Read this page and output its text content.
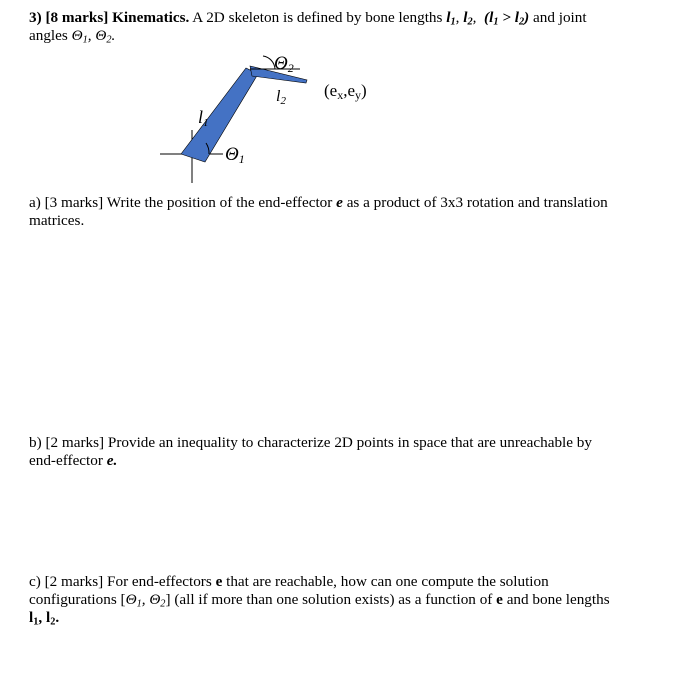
3) [8 marks] Kinematics. A 2D skeleton is defined by bone lengths $l_1$, $l_2$, $(l_1 > l_2)$ and joint
angles $\Theta_1$, $\Theta_2$.
Θ2
l2
(ex,ey)
l1
Θ1
a) [3 marks] Write the position of the end-effector e as a product of 3x3 rotation and translation
matrices.
b) [2 marks] Provide an inequality to characterize 2D points in space that are unreachable by
end-effector e.
c) [2 marks] For end-effectors e that are reachable, how can one compute the solution
configurations [$\Theta_1$, $\Theta_2$] (all if more than one solution exists) as a function of e and bone lengths
$l_1$, $l_2$.
